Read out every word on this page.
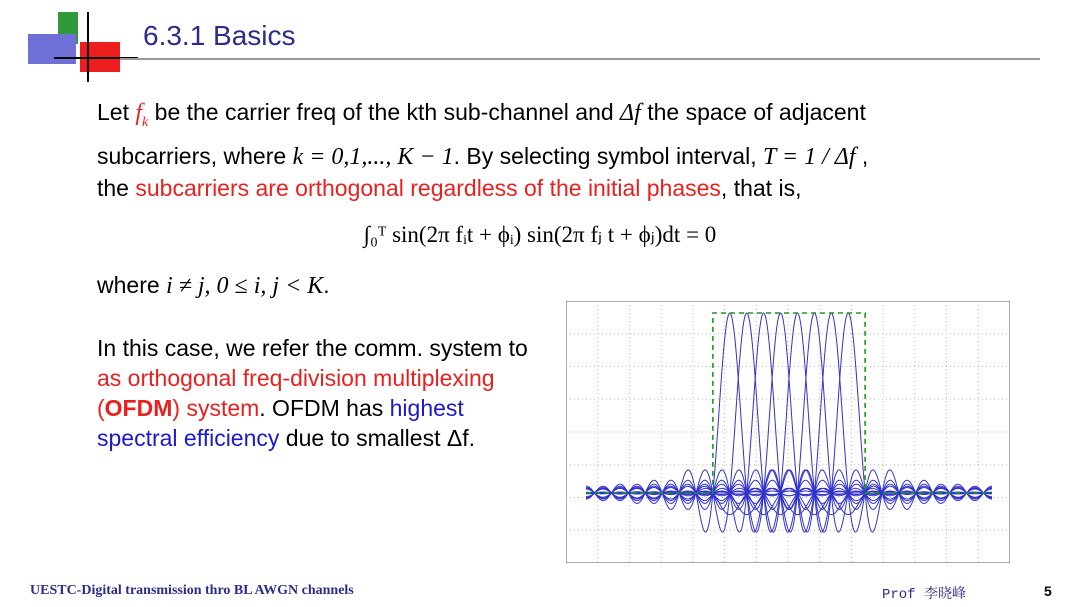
6.3.1 Basics
Let $f_k$ be the carrier freq of the kth sub-channel and Δf the space of adjacent
subcarriers, where k = 0,1,..., K − 1. By selecting symbol interval, T = 1 / Δf ,
the subcarriers are orthogonal regardless of the initial phases, that is,
∫₀ᵀ sin(2π fᵢt + ϕᵢ) sin(2π fⱼ t + ϕⱼ)dt = 0
where i ≠ j, 0 ≤ i, j < K.
In this case, we refer the comm. system to as orthogonal freq-division multiplexing (OFDM) system. OFDM has highest spectral efficiency due to smallest Δf.
UESTC-Digital transmission thro BL AWGN channels	Prof 李晓峰	5
